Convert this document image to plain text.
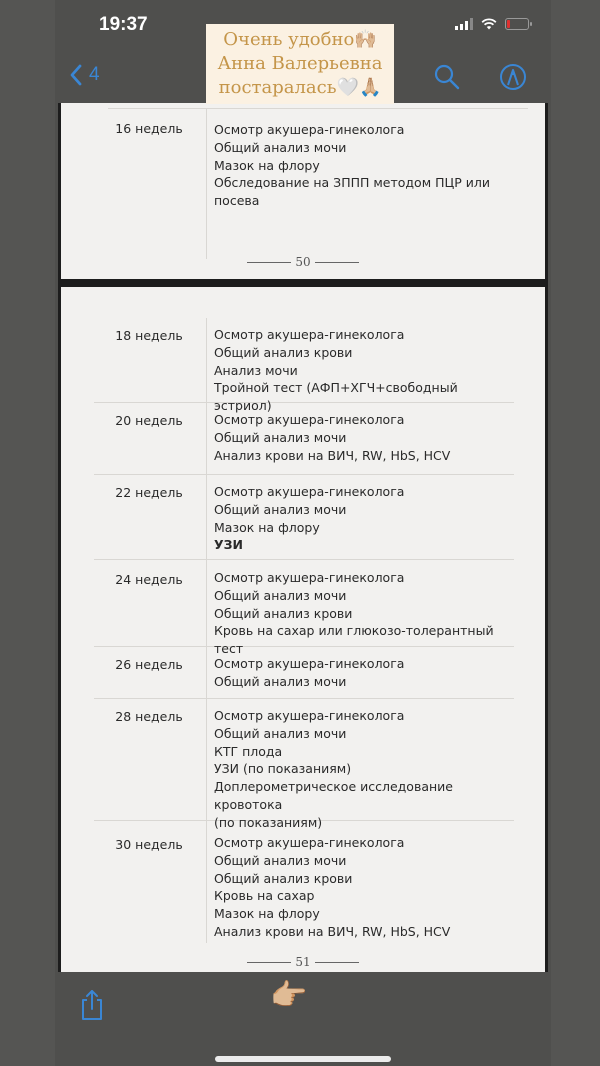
19:37
4
Очень удобно🙌🏼
Анна Валерьевна
постаралась🤍🙏🏼
16 недель	Осмотр акушера-гинеколога
Общий анализ мочи
Мазок на флору
Обследование на ЗППП методом ПЦР или посева
50
18 недель	Осмотр акушера-гинеколога
Общий анализ крови
Анализ мочи
Тройной тест (АФП+ХГЧ+свободный эстриол)
20 недель	Осмотр акушера-гинеколога
Общий анализ мочи
Анализ крови на ВИЧ, RW, HbS, HCV
22 недель	Осмотр акушера-гинеколога
Общий анализ мочи
Мазок на флору
УЗИ
24 недель	Осмотр акушера-гинеколога
Общий анализ мочи
Общий анализ крови
Кровь на сахар или глюкозо-толерантный тест
26 недель	Осмотр акушера-гинеколога
Общий анализ мочи
28 недель	Осмотр акушера-гинеколога
Общий анализ мочи
КТГ плода
УЗИ (по показаниям)
Доплерометрическое исследование кровотока
(по показаниям)
30 недель	Осмотр акушера-гинеколога
Общий анализ мочи
Общий анализ крови
Кровь на сахар
Мазок на флору
Анализ крови на ВИЧ, RW, HbS, HCV
51
👉🏼
